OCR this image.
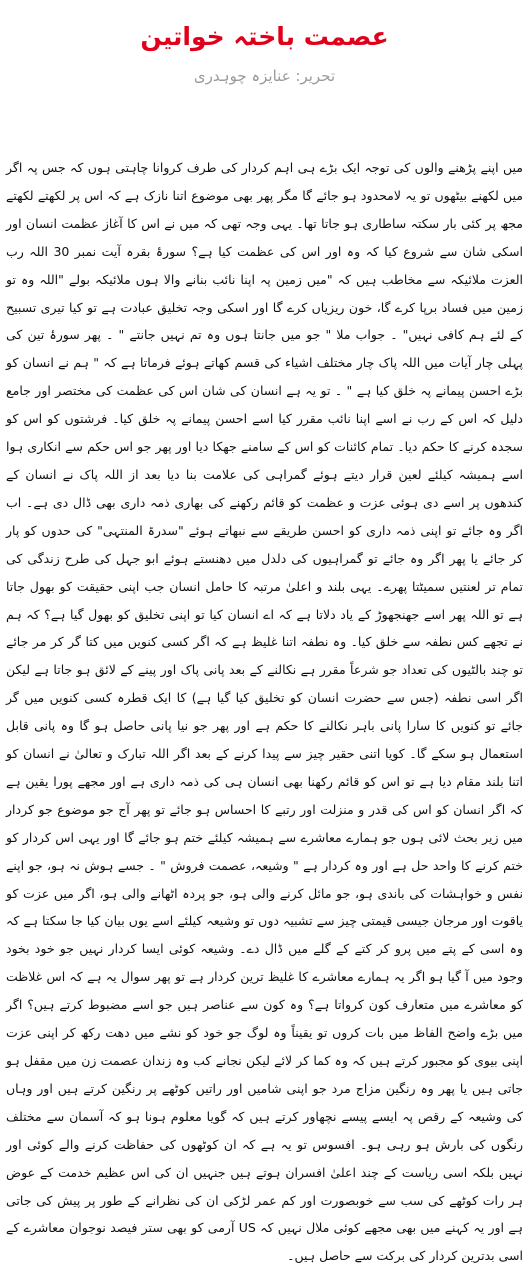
عصمت باختہ خواتین
تحریر: عنایزہ چوہدری

میں اپنے پڑھنے والوں کی توجہ ایک بڑے ہی اہم کردار کی طرف کروانا چاہتی ہوں کہ جس پہ اگر میں لکھنے بیٹھوں تو یہ لامحدود ہو جائے گا مگر پھر بھی موضوع اتنا نازک ہے کہ اس پر لکھتے لکھتے مجھ پر کئی بار سکتہ ساطاری ہو جاتا تھا۔ یہی وجہ تھی کہ میں نے اس کا آغاز عظمت انسان اور اسکی شان سے شروع کیا کہ وہ اور اس کی عظمت کیا ہے؟ سورۂ بقرہ آیت نمبر 30 اللہ رب العزت ملائیکہ سے مخاطب ہیں کہ "میں زمین پہ اپنا نائب بنانے والا ہوں ملائیکہ بولے "اللہ وہ تو زمین میں فساد برپا کرے گا، خون ریزیاں کرے گا اور اسکی وجہ تخلیق عبادت ہے تو کیا تیری تسبیح کے لئے ہم کافی نہیں" ۔ جواب ملا " جو میں جانتا ہوں وہ تم نہیں جانتے " ۔ پھر سورۂ تین کی پہلی چار آیات میں اللہ پاک چار مختلف اشیاء کی قسم کھاتے ہوئے فرماتا ہے کہ " ہم نے انسان کو بڑے احسن پیمانے پہ خلق کیا ہے " ۔ تو یہ ہے انسان کی شان اس کی عظمت کی مختصر اور جامع دلیل کہ اس کے رب نے اسے اپنا نائب مقرر کیا اسے احسن پیمانے پہ خلق کیا۔ فرشتوں کو اس کو سجدہ کرنے کا حکم دیا۔ تمام کائنات کو اس کے سامنے جھکا دیا اور پھر جو اس حکم سے انکاری ہوا اسے ہمیشہ کیلئے لعین قرار دیتے ہوئے گمراہی کی علامت بنا دیا بعد از اللہ پاک نے انسان کے کندھوں پر اسے دی ہوئی عزت و عظمت کو قائم رکھنے کی بھاری ذمہ داری بھی ڈال دی ہے۔ اب اگر وہ جائے تو اپنی ذمہ داری کو احسن طریقے سے نبھاتے ہوئے "سدرۃ المنتہی" کی حدوں کو پار کر جائے یا پھر اگر وہ جائے تو گمراہیوں کی دلدل میں دھنستے ہوئے ابو جہل کی طرح زندگی کی تمام تر لعنتیں سمیٹتا پھرے۔ یہی بلند و اعلیٰ مرتبہ کا حامل انسان جب اپنی حقیقت کو بھول جاتا ہے تو اللہ پھر اسے جھنجھوڑ کے یاد دلاتا ہے کہ اے انسان کیا تو اپنی تخلیق کو بھول گیا ہے؟ کہ ہم نے تجھے کس نطفہ سے خلق کیا۔ وہ نطفہ اتنا غلیظ ہے کہ اگر کسی کنویں میں کتا گر کر مر جائے تو چند بالٹیوں کی تعداد جو شرعاً مقرر ہے نکالنے کے بعد پانی پاک اور پینے کے لائق ہو جاتا ہے لیکن اگر اسی نطفہ (جس سے حضرت انسان کو تخلیق کیا گیا ہے) کا ایک قطرہ کسی کنویں میں گر جائے تو کنویں کا سارا پانی باہر نکالنے کا حکم ہے اور پھر جو نیا پانی حاصل ہو گا وہ پانی قابل استعمال ہو سکے گا۔ کویا اتنی حقیر چیز سے پیدا کرنے کے بعد اگر اللہ تبارک و تعالیٰ نے انسان کو اتنا بلند مقام دیا ہے تو اس کو قائم رکھنا بھی انسان ہی کی ذمہ داری ہے اور مجھے پورا یقین ہے کہ اگر انسان کو اس کی قدر و منزلت اور رتبے کا احساس ہو جائے تو پھر آج جو موضوع جو کردار میں زیر بحث لائی ہوں جو ہمارے معاشرے سے ہمیشہ کیلئے ختم ہو جائے گا اور یہی اس کردار کو ختم کرنے کا واحد حل ہے اور وہ کردار ہے " وشیعہ، عصمت فروش " ۔ جسے ہوش نہ ہو، جو اپنے نفس و خواہشات کی باندی ہو، جو مائل کرنے والی ہو، جو پردہ اٹھانے والی ہو، اگر میں عزت کو یاقوت اور مرجان جیسی قیمتی چیز سے تشبیہ دوں تو وشیعہ کیلئے اسے یوں بیان کیا جا سکتا ہے کہ وہ اسی کے پتے میں پرو کر کتے کے گلے میں ڈال دے۔ وشیعہ کوئی ایسا کردار نہیں جو خود بخود وجود میں آ گیا ہو اگر یہ ہمارے معاشرے کا غلیظ ترین کردار ہے تو پھر سوال یہ ہے کہ اس غلاظت کو معاشرے میں متعارف کون کرواتا ہے؟ وہ کون سے عناصر ہیں جو اسے مضبوط کرتے ہیں؟ اگر میں بڑے واضح الفاظ میں بات کروں تو یقیناً وہ لوگ جو خود کو نشے میں دھت رکھ کر اپنی عزت اپنی بیوی کو مجبور کرتے ہیں کہ وہ کما کر لائے لیکن نجانے کب وہ زندان عصمت زن میں مقفل ہو جاتی ہیں یا پھر وہ رنگین مزاج مرد جو اپنی شامیں اور راتیں کوٹھے پر رنگین کرتے ہیں اور وہاں کی وشیعہ کے رقص پہ ایسے پیسے نچھاور کرتے ہیں کہ گویا معلوم ہونا ہو کہ آسمان سے مختلف رنگوں کی بارش ہو رہی ہو۔ افسوس تو یہ ہے کہ ان کوٹھوں کی حفاظت کرنے والے کوئی اور نہیں بلکہ اسی ریاست کے چند اعلیٰ افسران ہوتے ہیں جنہیں ان کی اس عظیم خدمت کے عوض ہر رات کوٹھے کی سب سے خوبصورت اور کم عمر لڑکی ان کی نظرانے کے طور پر پیش کی جاتی ہے اور یہ کہنے میں بھی مجھے کوئی ملال نہیں کہ US آرمی کو بھی ستر فیصد نوجوان معاشرے کے اسی بدترین کردار کی برکت سے حاصل ہیں۔
